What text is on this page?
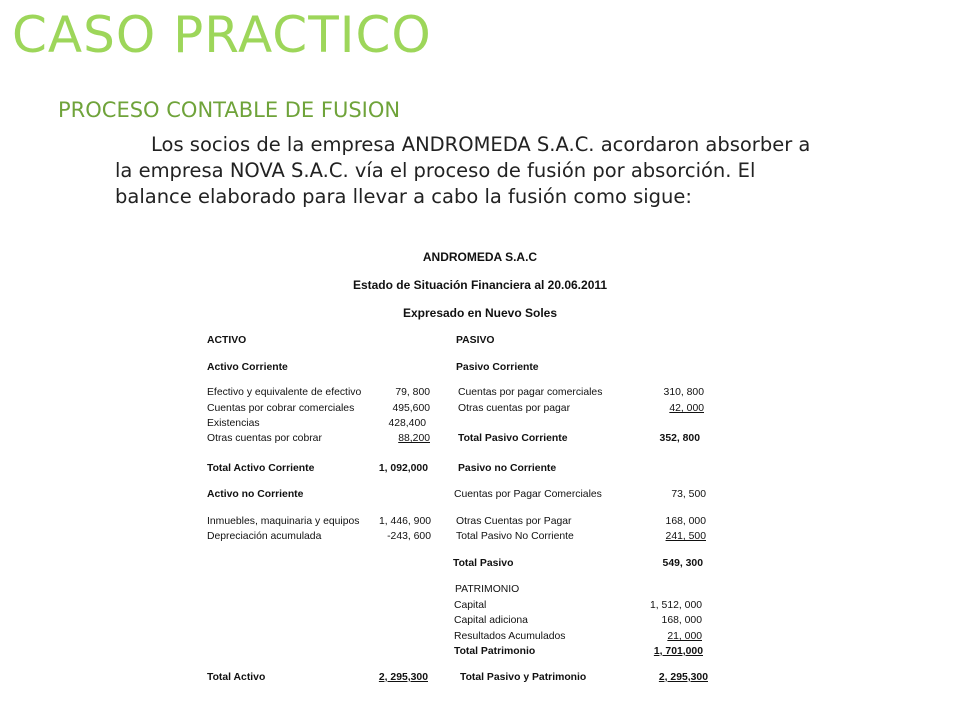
CASO PRACTICO
PROCESO CONTABLE DE FUSION
Los socios de la empresa ANDROMEDA S.A.C. acordaron absorber a la empresa NOVA S.A.C. vía el proceso de fusión por absorción. El balance elaborado para llevar a cabo la fusión como sigue:
ANDROMEDA S.A.C
Estado de Situación Financiera al 20.06.2011
Expresado en Nuevo Soles
ACTIVO
Activo Corriente
Efectivo y equivalente de efectivo	79, 800
Cuentas por cobrar comerciales	495,600
Existencias	428,400
Otras cuentas por cobrar	88,200
Total Activo Corriente	1, 092,000
Activo no Corriente
Inmuebles, maquinaria y equipos	1, 446, 900
Depreciación acumulada	-243, 600
Total Activo	2, 295,300
PASIVO
Pasivo Corriente
Cuentas por pagar comerciales	310, 800
Otras cuentas por pagar	42, 000
Total Pasivo Corriente	352, 800
Pasivo no Corriente
Cuentas por Pagar Comerciales	73, 500
Otras Cuentas por Pagar	168, 000
Total Pasivo No Corriente	241, 500
Total Pasivo	549, 300
PATRIMONIO
Capital	1, 512, 000
Capital adiciona	168, 000
Resultados Acumulados	21, 000
Total Patrimonio	1, 701,000
Total Pasivo y Patrimonio	2, 295,300
